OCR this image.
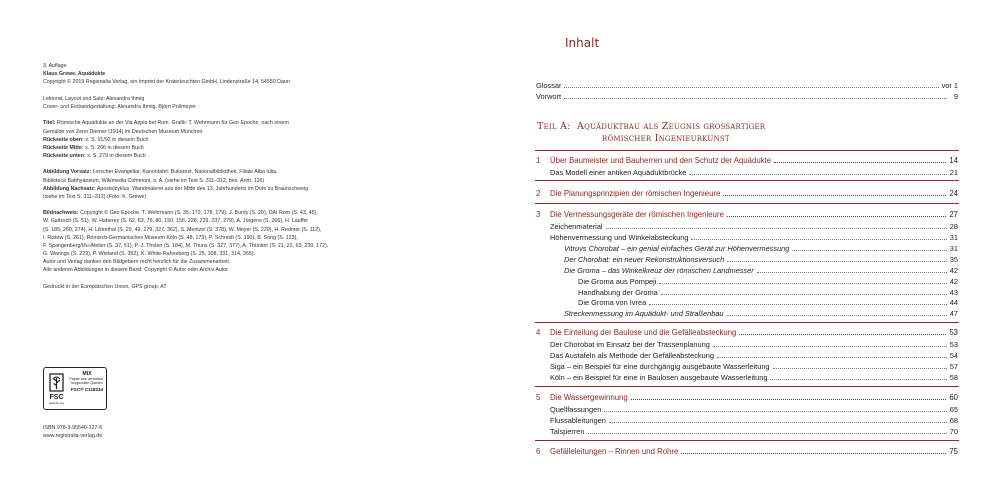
3. Auflage

Klaus Grewe, Aquädukte

Copyright © 2019 Regionalia Verlag, ein Imprint der Kraterleuchten GmbH, Lindenstraße 14, 54550 Daun

Lektorat, Layout und Satz: Alexandra Ihmig

Cover- und Einbandgestaltung: Alexandra Ihmig, Björn Pollmeyer

Titel: Römische Aquädukte an der Via Appia bei Rom. Grafik: T. Wehrmann für Geo Epoche, nach einem

Gemälde von Zeno Diemer (1914) im Deutschen Museum München

Rückseite oben: s. S. 91/92 in diesem Buch

Rückseite Mitte: s. S. 206 in diesem Buch

Rückseite unten: s. S. 279 in diesem Buch

Abbildung Vorsatz: Lorscher Evangeliar, Kanontafel. Bukarest, Nationalbibliothek, Filiale Alba Iulia,

Biblioteca Batthyáneum, Wikimedia Commoni, o. A. (siehe im Text S. 311–312, bes. Anm. 116)

Abbildung Nachsatz: Apostelzyklus, Wandmalerei aus der Mitte des 13. Jahrhunderts im Dom zu Braunschweig

(siehe im Text S. 311–312) (Foto: K. Grewe)

Bildnachweis: Copyright © Geo Epoche, T. Wehrmann (S. 35, 172, 178, 179), J. Burdy (S. 20), DAI Rom (S. 43, 45),

W. Gaitzsch (S. 51), W. Haberey (S. 62, 63, 76, 80, 150, 156, 228, 229, 237, 279), A. Jürgens (S. 266), H. Lauffer

(S. 185, 260, 274), H. Lilienthal (S. 29, 49, 179, 327, 362), S. Mentzel (S. 378), W. Meyer (S. 229), H. Redmer (S. 112),

I. Ristow (S. 261), Römisch-Germanisches Museum Köln (S. 48, 179), P. Schmidt (S. 190), B. Song (S. 123),

F. Spangenberg/Illu-Atelier (S. 37, 51), P.-J. Tholen (S. 184), M. Thuns (S. 327, 377), A. Thünker (S. 21, 22, 63, 239, 172),

G. Waringo (S. 229), P. Wieland (S. 352), K. White-Rahneberg (S. 25, 108, 331, 314, 365).

Autor und Verlag danken den Bildgebern recht herzlich für die Zusammenarbeit.

Alle anderen Abbildungen in diesem Band: Copyright © Autor oder Archiv Autor.

Gedruckt in der Europäischen Union, GPS group, AT

FSC
www.fsc.org
MIX
Papier aus verantwor-
tungsvollen Quellen
FSC® C118234

ISBN 978-3-95540-127-6

www.regionalia-verlag.de

Inhalt
Glossar	vor 1
Vorwort	9
Teil A: Aquäduktbau als Zeugnis großartiger
römischer Ingenieurkunst
1 Über Baumeister und Bauherren und den Schutz der Aquädukte	14
Das Modell einer antiken Aquäduktbrücke	21
2 Die Planungsprinzipien der römischen Ingenieure	24
3 Die Vermessungsgeräte der römischen Ingenieure	27
Zeichenmaterial	28
Höhenvermessung und Winkelabsteckung	31
Vitruvs Chorobat – ein genial einfaches Gerät zur Höhenvermessung	31
Der Chorobat: ein neuer Rekonstruktionsversuch	35
Die Groma – das Winkelkreuz der römischen Landmesser	42
Die Groma aus Pompeji	42
Handhabung der Groma	43
Die Groma von Ivrea	44
Streckenmessung im Aquädukt- und Straßenbau	47
4 Die Einteilung der Baulose und die Gefälleabsteckung	53
Der Chorobat im Einsatz bei der Trassenplanung	53
Das Austafeln als Methode der Gefälleabsteckung	54
Siga – ein Beispiel für eine durchgängig ausgebaute Wasserleitung	57
Köln – ein Beispiel für eine in Baulosen ausgebaute Wasserleitung	58
5 Die Wassergewinnung	60
Quellfassungen	65
Flussableitungen	68
Talsperren	70
6 Gefälleleitungen – Rinnen und Rohre	75
